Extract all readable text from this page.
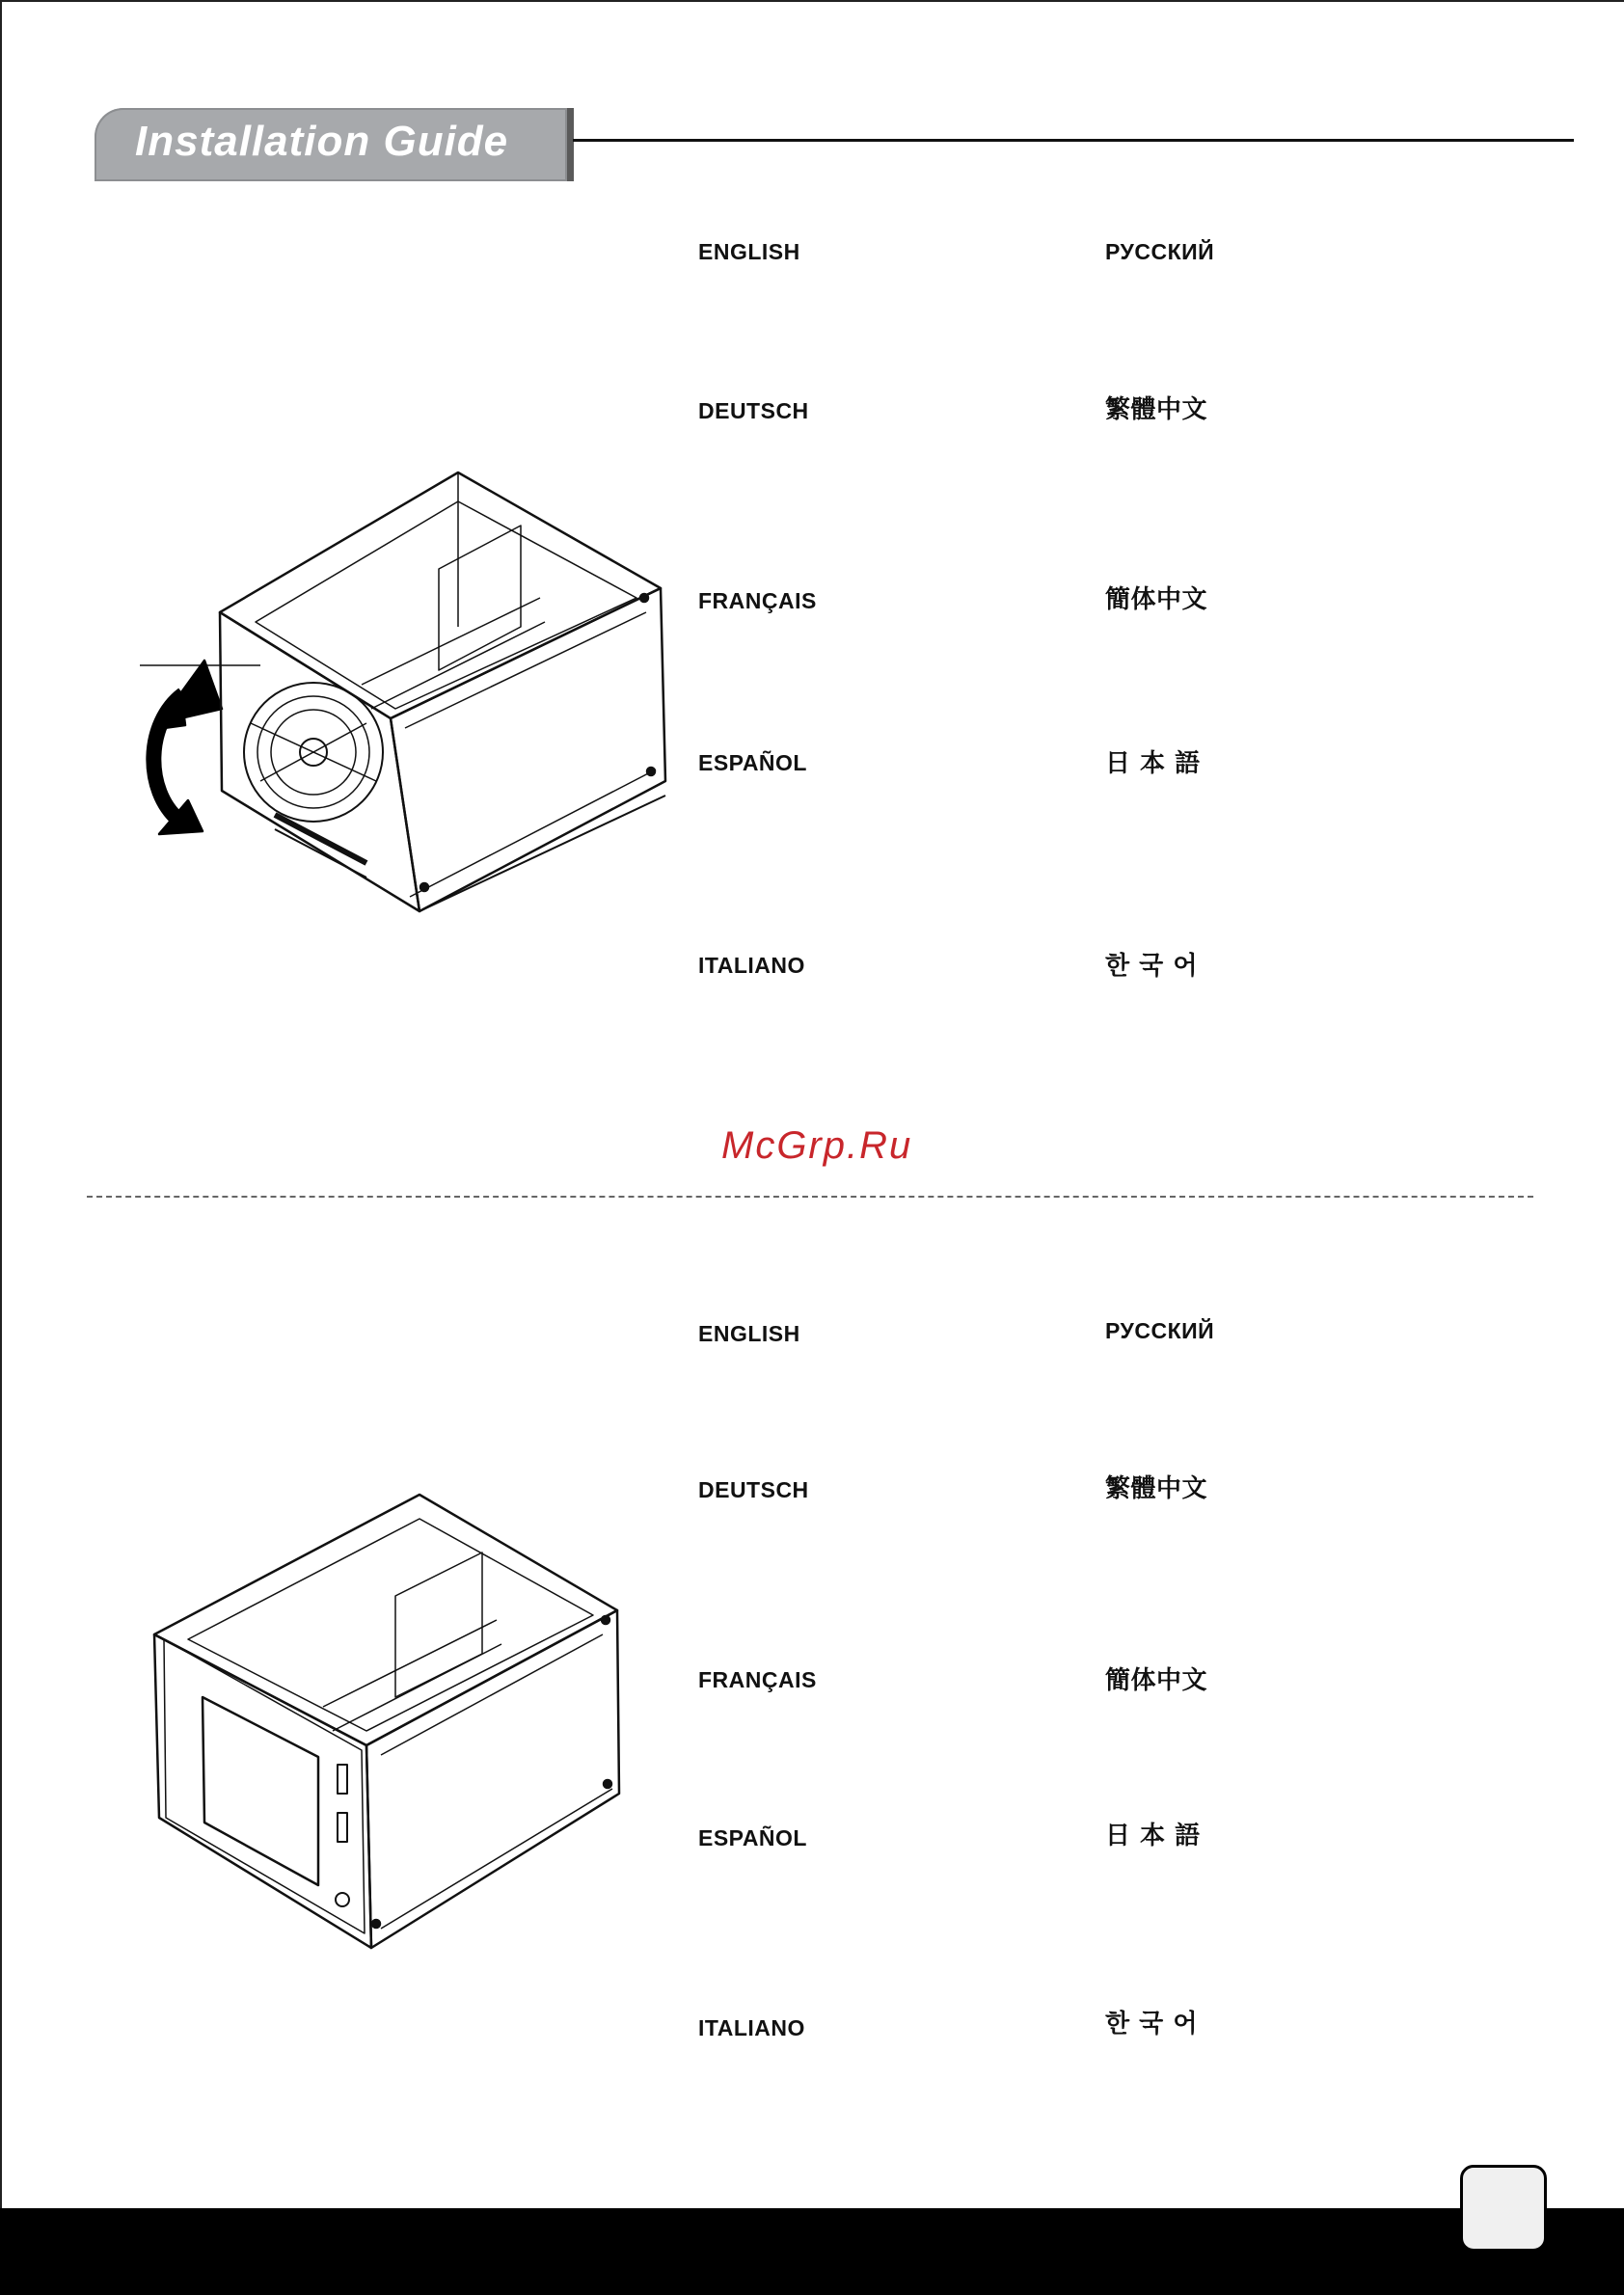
Installation Guide
ENGLISH
DEUTSCH
FRANÇAIS
ESPAÑOL
ITALIANO
РУССКИЙ
繁體中文
簡体中文
日 本 語
한 국 어
McGrp.Ru
ENGLISH
DEUTSCH
FRANÇAIS
ESPAÑOL
ITALIANO
РУССКИЙ
繁體中文
簡体中文
日 本 語
한 국 어
